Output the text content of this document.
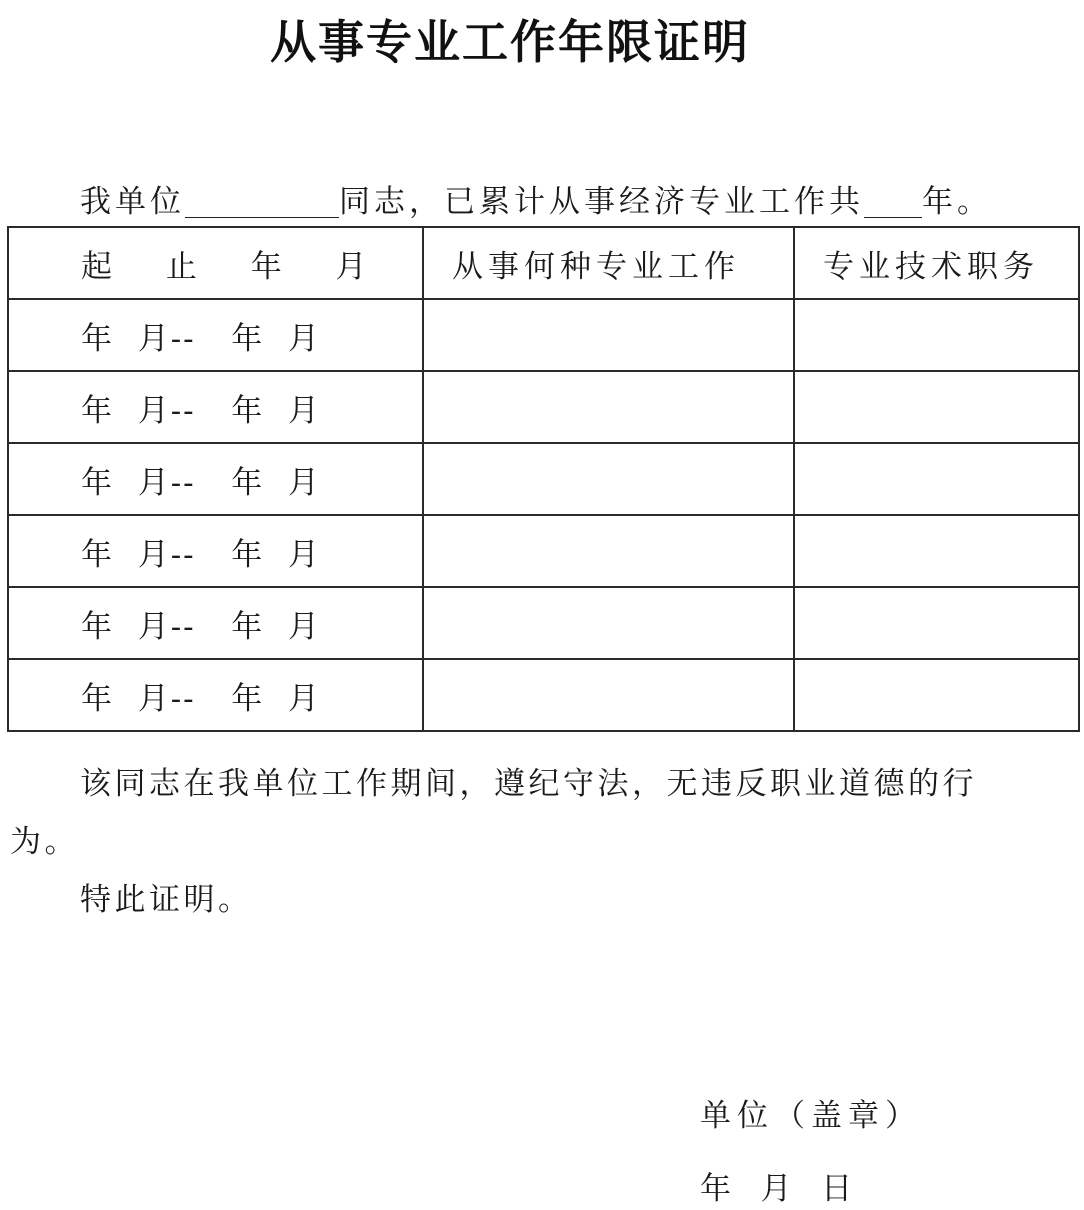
从事专业工作年限证明
我单位	同志，已累计从事经济专业工作共 年。
起 止 年 月	从事何种专业工作	专业技术职务
年  月--   年  月		
年  月--   年  月		
年  月--   年  月		
年  月--   年  月		
年  月--   年  月		
年  月--   年  月		
该同志在我单位工作期间，遵纪守法，无违反职业道德的行
为。
特此证明。
单位（盖章）
年   月   日
